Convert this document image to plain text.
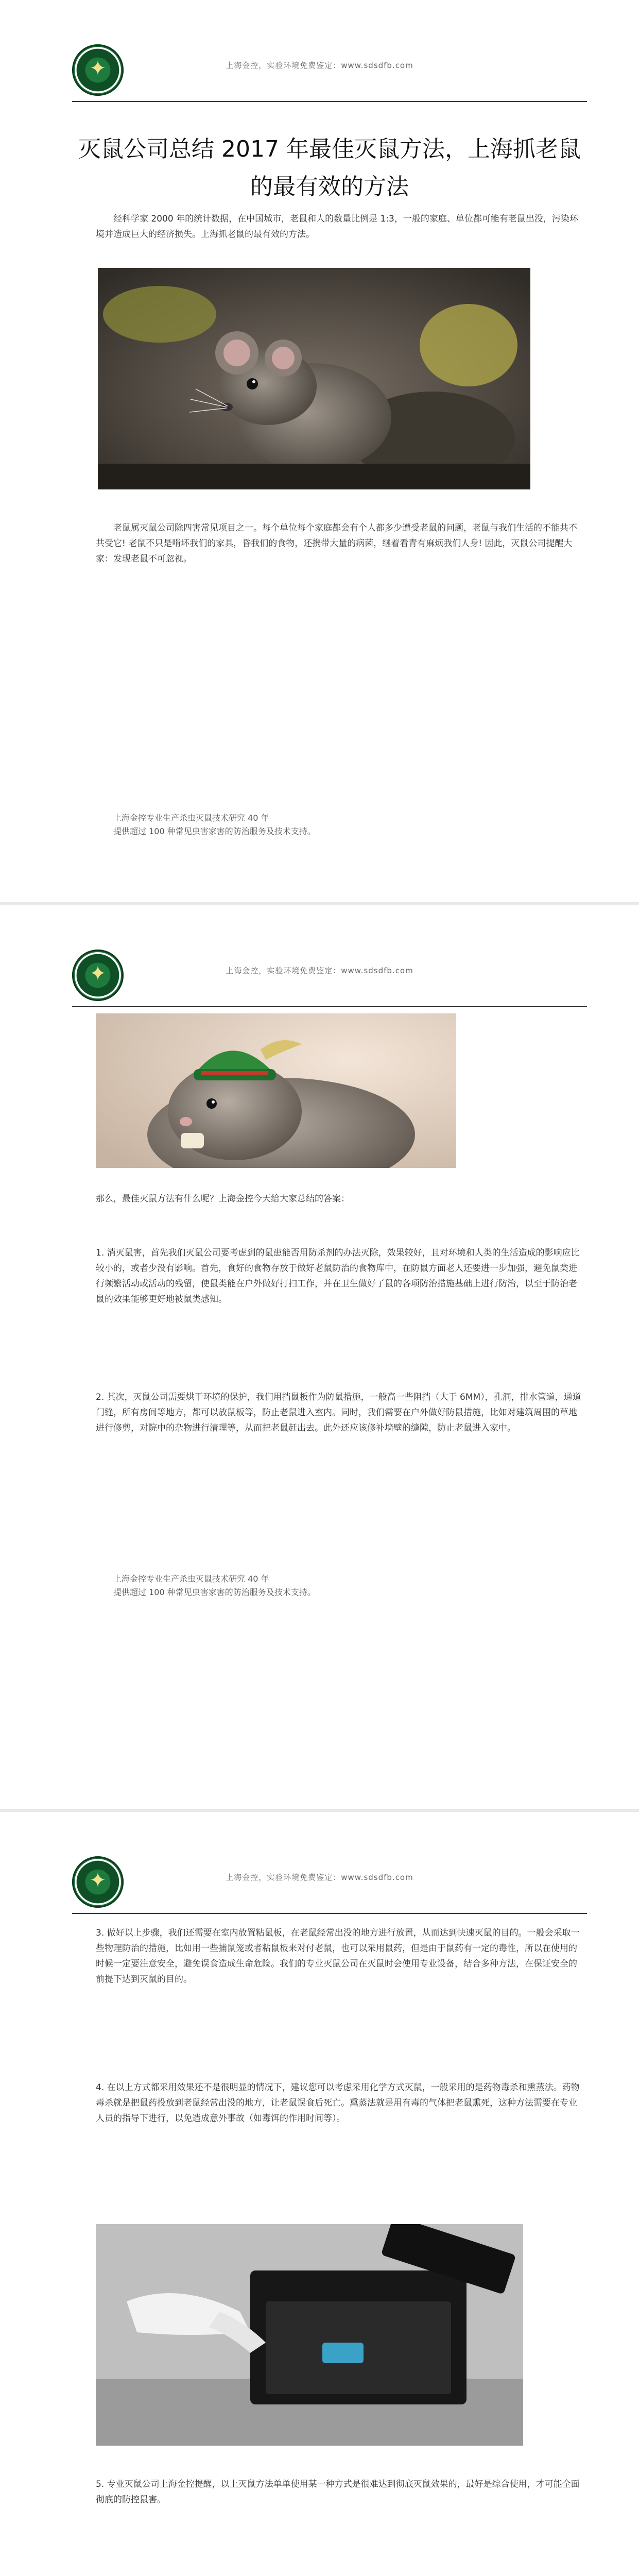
✦
上海金控，实验环境免费鉴定：www.sdsdfb.com
灭鼠公司总结 2017 年最佳灭鼠方法，上海抓老鼠的最有效的方法
经科学家 2000 年的统计数据，在中国城市，老鼠和人的数量比例是 1:3，一般的家庭、单位都可能有老鼠出没，污染环境并造成巨大的经济损失。上海抓老鼠的最有效的方法。
老鼠属灭鼠公司除四害常见项目之一。每个单位每个家庭都会有个人都多少遭受老鼠的问题，老鼠与我们生活的不能共不共受它! 老鼠不只是啃坏我们的家具，昏我们的食物，还携带大量的病菌，继着看青有麻烦我们人身! 因此，灭鼠公司提醒大家：发现老鼠不可忽视。
上海金控专业生产杀虫灭鼠技术研究 40 年
提供超过 100 种常见虫害家害的防治服务及技术支持。
✦
上海金控，实验环境免费鉴定：www.sdsdfb.com
那么，最佳灭鼠方法有什么呢？上海金控今天给大家总结的答案：
1. 消灭鼠害，首先我们灭鼠公司要考虑到的鼠患能否用防杀剂的办法灭除，效果较好，且对环境和人类的生活造成的影响应比较小的，或者少没有影响。首先，食好的食物存放于做好老鼠防治的食物库中，在防鼠方面老人还要进一步加强，避免鼠类进行频繁活动或活动的残留，使鼠类能在户外做好打扫工作，并在卫生做好了鼠的各项防治措施基础上进行防治，以至于防治老鼠的效果能够更好地被鼠类感知。
2. 其次，灭鼠公司需要烘干环境的保护，我们用挡鼠板作为防鼠措施，一般高一些阻挡（大于 6MM），孔洞，排水管道，通道门缝，所有房间等地方，都可以放鼠板等，防止老鼠进入室内。同时，我们需要在户外做好防鼠措施，比如对建筑周围的草地进行修剪，对院中的杂物进行清理等，从而把老鼠赶出去。此外还应该修补墙壁的缝隙，防止老鼠进入家中。
上海金控专业生产杀虫灭鼠技术研究 40 年
提供超过 100 种常见虫害家害的防治服务及技术支持。
✦
上海金控，实验环境免费鉴定：www.sdsdfb.com
3. 做好以上步骤，我们还需要在室内放置粘鼠板，在老鼠经常出没的地方进行放置，从而达到快速灭鼠的目的。一般会采取一些物理防治的措施，比如用一些捕鼠笼或者粘鼠板来对付老鼠，也可以采用鼠药，但是由于鼠药有一定的毒性，所以在使用的时候一定要注意安全，避免误食造成生命危险。我们的专业灭鼠公司在灭鼠时会使用专业设备，结合多种方法，在保证安全的前提下达到灭鼠的目的。
4. 在以上方式都采用效果还不是很明显的情况下，建议您可以考虑采用化学方式灭鼠，一般采用的是药物毒杀和熏蒸法。药物毒杀就是把鼠药投放到老鼠经常出没的地方，让老鼠误食后死亡。熏蒸法就是用有毒的气体把老鼠熏死，这种方法需要在专业人员的指导下进行，以免造成意外事故（如毒饵的作用时间等）。
5. 专业灭鼠公司上海金控提醒，以上灭鼠方法单单使用某一种方式是很难达到彻底灭鼠效果的，最好是综合使用，才可能全面彻底的防控鼠害。
